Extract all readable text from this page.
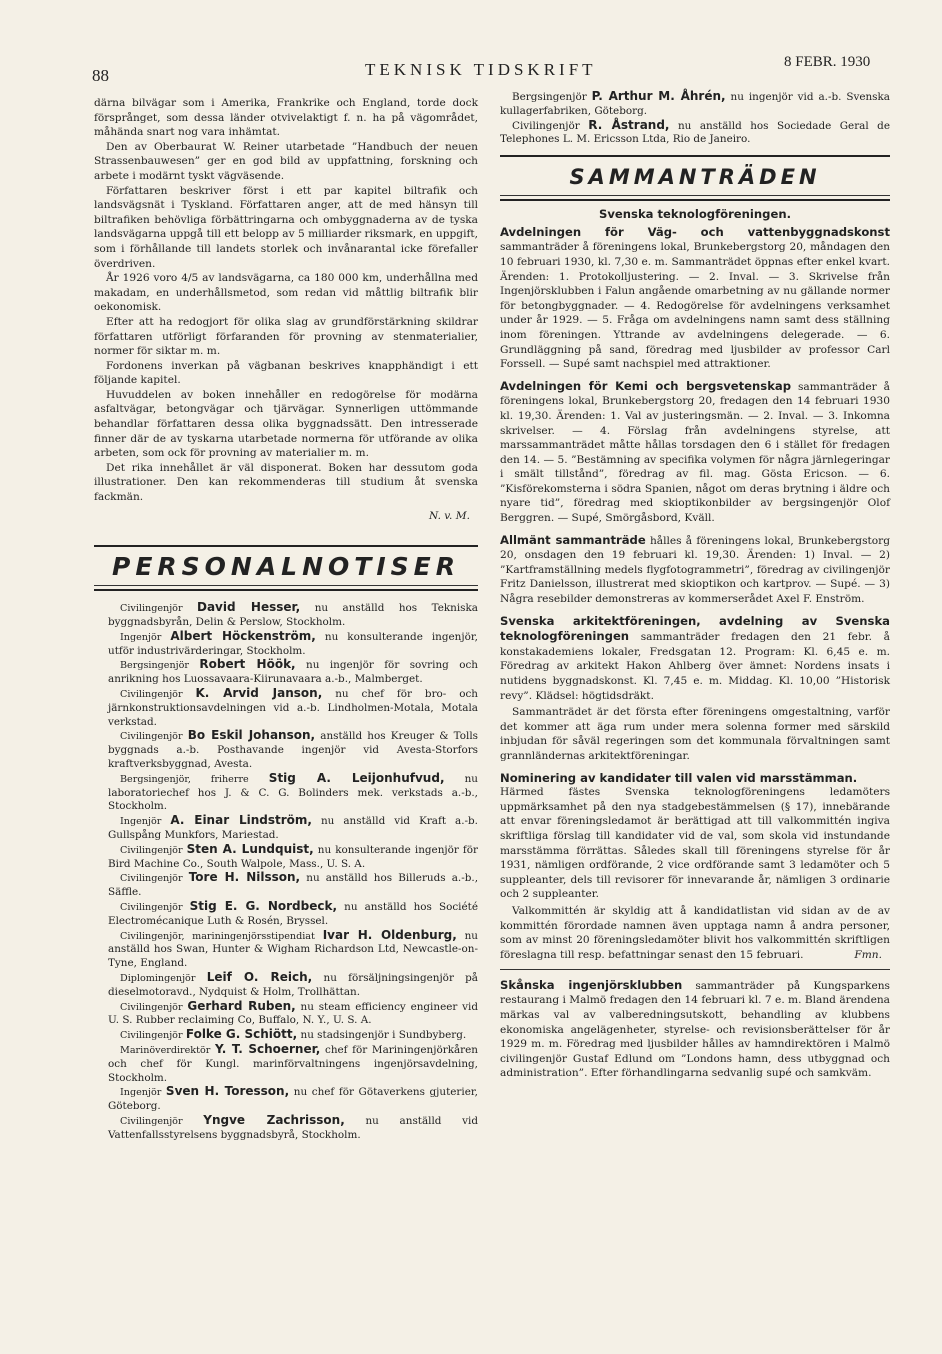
88	TEKNISK TIDSKRIFT	8 FEBR. 1930

därna bilvägar som i Amerika, Frankrike och England, torde dock försprånget, som dessa länder otvivelaktigt f. n. ha på vägområdet, måhända snart nog vara inhämtat.

Den av Oberbaurat W. Reiner utarbetade ”Handbuch der neuen Strassenbauwesen” ger en god bild av uppfattning, forskning och arbete i modärnt tyskt vägväsende.

Författaren beskriver först i ett par kapitel biltrafik och landsvägsnät i Tyskland. Författaren anger, att de med hänsyn till biltrafiken behövliga förbättringarna och ombyggnaderna av de tyska landsvägarna uppgå till ett belopp av 5 milliarder riksmark, en uppgift, som i förhållande till landets storlek och invånarantal icke förefaller överdriven.

År 1926 voro 4/5 av landsvägarna, ca 180 000 km, underhållna med makadam, en underhållsmetod, som redan vid måttlig biltrafik blir oekonomisk.

Efter att ha redogjort för olika slag av grundförstärkning skildrar författaren utförligt förfaranden för provning av stenmaterialier, normer för siktar m. m.

Fordonens inverkan på vägbanan beskrives knapphändigt i ett följande kapitel.

Huvuddelen av boken innehåller en redogörelse för modärna asfaltvägar, betongvägar och tjärvägar. Synnerligen uttömmande behandlar författaren dessa olika byggnadssätt. Den intresserade finner där de av tyskarna utarbetade normerna för utförande av olika arbeten, som ock för provning av materialier m. m.

Det rika innehållet är väl disponerat. Boken har dessutom goda illustrationer. Den kan rekommenderas till studium åt svenska fackmän.

N. v. M.
PERSONALNOTISER

Civilingenjör David Hesser, nu anställd hos Tekniska byggnadsbyrån, Delin & Perslow, Stockholm.

Ingenjör Albert Höckenström, nu konsulterande ingenjör, utför industrivärderingar, Stockholm.

Bergsingenjör Robert Höök, nu ingenjör för sovring och anrikning hos Luossavaara-Kiirunavaara a.-b., Malmberget.

Civilingenjör K. Arvid Janson, nu chef för bro- och järnkonstruktionsavdelningen vid a.-b. Lindholmen-Motala, Motala verkstad.

Civilingenjör Bo Eskil Johanson, anställd hos Kreuger & Tolls byggnads a.-b. Posthavande ingenjör vid Avesta-Storfors kraftverksbyggnad, Avesta.

Bergsingenjör, friherre Stig A. Leijonhufvud, nu laboratoriechef hos J. & C. G. Bolinders mek. verkstads a.-b., Stockholm.

Ingenjör A. Einar Lindström, nu anställd vid Kraft a.-b. Gullspång Munkfors, Mariestad.

Civilingenjör Sten A. Lundquist, nu konsulterande ingenjör för Bird Machine Co., South Walpole, Mass., U. S. A.

Civilingenjör Tore H. Nilsson, nu anställd hos Billeruds a.-b., Säffle.

Civilingenjör Stig E. G. Nordbeck, nu anställd hos Société Electromécanique Luth & Rosén, Bryssel.

Civilingenjör, mariningenjörsstipendiat Ivar H. Oldenburg, nu anställd hos Swan, Hunter & Wigham Richardson Ltd, Newcastle-on-Tyne, England.

Diplomingenjör Leif O. Reich, nu försäljningsingenjör på dieselmotoravd., Nydquist & Holm, Trollhättan.

Civilingenjör Gerhard Ruben, nu steam efficiency engineer vid U. S. Rubber reclaiming Co, Buffalo, N. Y., U. S. A.

Civilingenjör Folke G. Schiött, nu stadsingenjör i Sundbyberg.

Marinöverdirektör Y. T. Schoerner, chef för Mariningenjörkåren och chef för Kungl. marinförvaltningens ingenjörsavdelning, Stockholm.

Ingenjör Sven H. Toresson, nu chef för Götaverkens gjuterier, Göteborg.

Civilingenjör Yngve Zachrisson, nu anställd vid Vattenfallsstyrelsens byggnadsbyrå, Stockholm.

Bergsingenjör P. Arthur M. Åhrén, nu ingenjör vid a.-b. Svenska kullagerfabriken, Göteborg.

Civilingenjör R. Åstrand, nu anställd hos Sociedade Geral de Telephones L. M. Ericsson Ltda, Rio de Janeiro.

SAMMANTRÄDEN
Svenska teknologföreningen.
Avdelningen för Väg- och vattenbyggnadskonst sammanträder å föreningens lokal, Brunkebergstorg 20, måndagen den 10 februari 1930, kl. 7,30 e. m. Sammanträdet öppnas efter enkel kvart. Ärenden: 1. Protokolljustering. — 2. Inval. — 3. Skrivelse från Ingenjörsklubben i Falun angående omarbetning av nu gällande normer för betongbyggnader. — 4. Redogörelse för avdelningens verksamhet under år 1929. — 5. Fråga om avdelningens namn samt dess ställning inom föreningen. Yttrande av avdelningens delegerade. — 6. Grundläggning på sand, föredrag med ljusbilder av professor Carl Forssell. — Supé samt nachspiel med attraktioner.
Avdelningen för Kemi och bergsvetenskap sammanträder å föreningens lokal, Brunkebergstorg 20, fredagen den 14 februari 1930 kl. 19,30. Ärenden: 1. Val av justeringsmän. — 2. Inval. — 3. Inkomna skrivelser. — 4. Förslag från avdelningens styrelse, att marssammanträdet måtte hållas torsdagen den 6 i stället för fredagen den 14. — 5. ”Bestämning av specifika volymen för några järnlegeringar i smält tillstånd”, föredrag av fil. mag. Gösta Ericson. — 6. ”Kisförekomsterna i södra Spanien, något om deras brytning i äldre och nyare tid”, föredrag med skioptikonbilder av bergsingenjör Olof Berggren. — Supé, Smörgåsbord, Kväll.
Allmänt sammanträde hålles å föreningens lokal, Brunkebergstorg 20, onsdagen den 19 februari kl. 19,30. Ärenden: 1) Inval. — 2) ”Kartframställning medels flygfotogrammetri”, föredrag av civilingenjör Fritz Danielsson, illustrerat med skioptikon och kartprov. — Supé. — 3) Några resebilder demonstreras av kommerserådet Axel F. Enström.
Svenska arkitektföreningen, avdelning av Svenska teknologföreningen sammanträder fredagen den 21 febr. å konstakademiens lokaler, Fredsgatan 12. Program: Kl. 6,45 e. m. Föredrag av arkitekt Hakon Ahlberg över ämnet: Nordens insats i nutidens byggnadskonst. Kl. 7,45 e. m. Middag. Kl. 10,00 ”Historisk revy”. Klädsel: högtidsdräkt.
Sammanträdet är det första efter föreningens omgestaltning, varför det kommer att äga rum under mera solenna former med särskild inbjudan för såväl regeringen som det kommunala förvaltningen samt grannländernas arkitektföreningar.
Nominering av kandidater till valen vid marsstämman.
Härmed fästes Svenska teknologföreningens ledamöters uppmärksamhet på den nya stadgebestämmelsen (§ 17), innebärande att envar föreningsledamot är berättigad att till valkommittén ingiva skriftliga förslag till kandidater vid de val, som skola vid instundande marsstämma förrättas. Således skall till föreningens styrelse för år 1931, nämligen ordförande, 2 vice ordförande samt 3 ledamöter och 5 suppleanter, dels till revisorer för innevarande år, nämligen 3 ordinarie och 2 suppleanter.
Valkommittén är skyldig att å kandidatlistan vid sidan av de av kommittén förordade namnen även upptaga namn å andra personer, som av minst 20 föreningsledamöter blivit hos valkommittén skriftligen föreslagna till resp. befattningar senast den 15 februari.	Fmn.
Skånska ingenjörsklubben sammanträder på Kungsparkens restaurang i Malmö fredagen den 14 februari kl. 7 e. m. Bland ärendena märkas val av valberedningsutskott, behandling av klubbens ekonomiska angelägenheter, styrelse- och revisionsberättelser för år 1929 m. m. Föredrag med ljusbilder hålles av hamndirektören i Malmö civilingenjör Gustaf Edlund om ”Londons hamn, dess utbyggnad och administration”. Efter förhandlingarna sedvanlig supé och samkväm.
